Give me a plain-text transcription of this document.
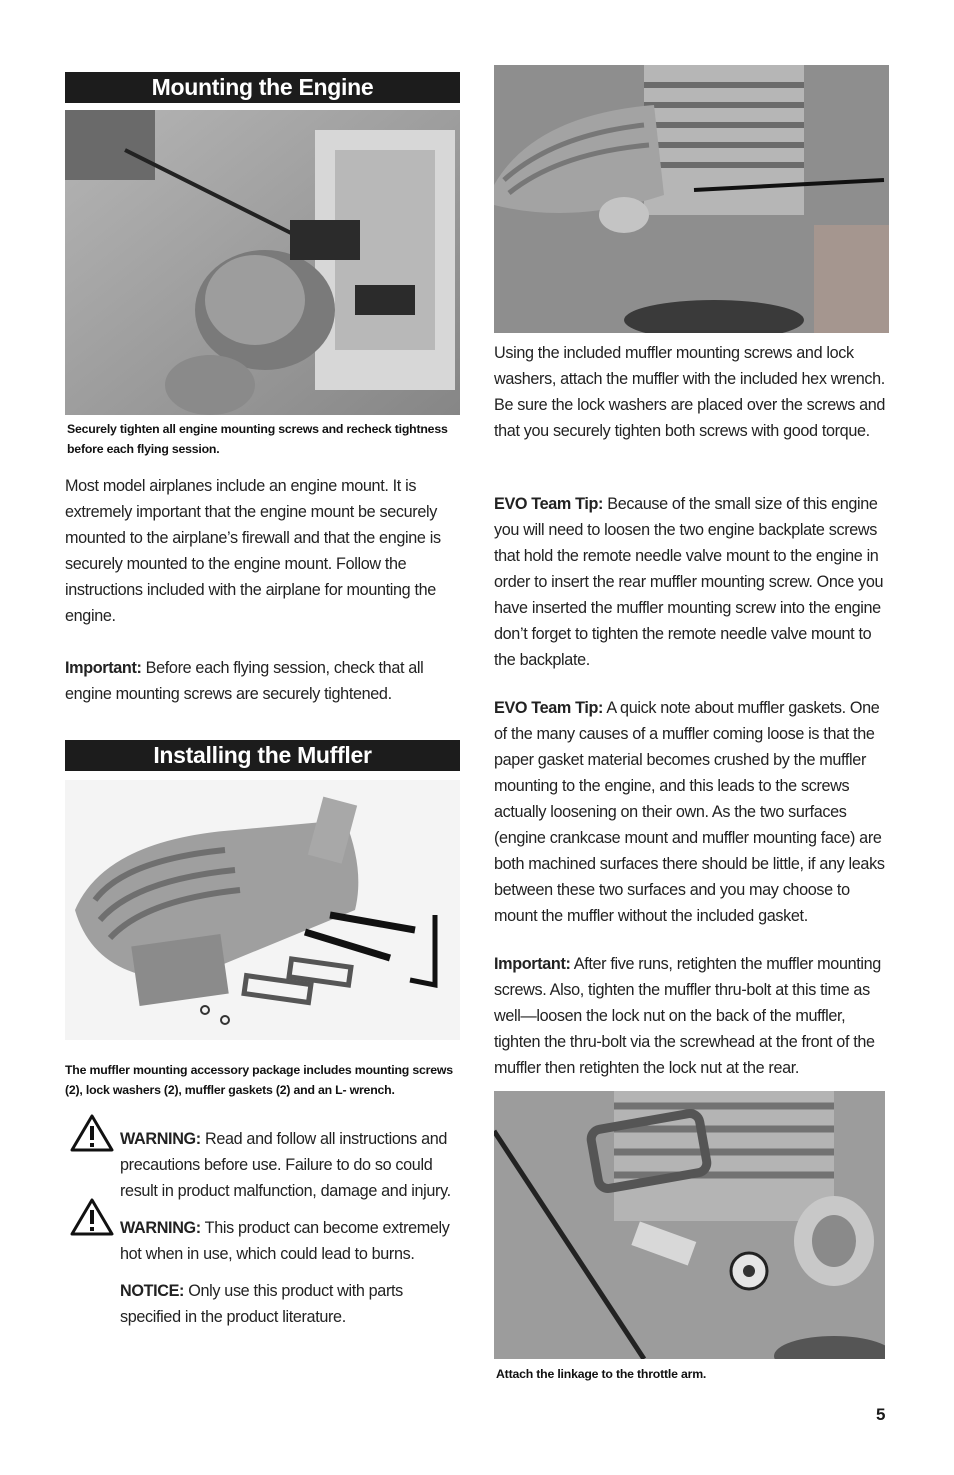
Mounting the Engine
Securely tighten all engine mounting screws and recheck tightness before each flying session.
Most model airplanes include an engine mount. It is extremely important that the engine mount be securely mounted to the airplane’s firewall and that the engine is securely mounted to the engine mount. Follow the instructions included with the airplane for mounting the engine.
Important: Before each flying session, check that all engine mounting screws are securely tightened.
Installing the Muffler
The muffler mounting accessory package includes mounting screws (2), lock washers (2), muffler gaskets (2) and an L- wrench.
WARNING: Read and follow all instructions and precautions before use. Failure to do so could result in product malfunction, damage and injury.
WARNING: This product can become extremely hot when in use, which could lead to burns.
NOTICE: Only use this product with parts specified in the product literature.
Using the included muffler mounting screws and lock washers, attach the muffler with the included hex wrench. Be sure the lock washers are placed over the screws and that you securely tighten both screws with good torque.
EVO Team Tip: Because of the small size of this engine you will need to loosen the two engine backplate screws that hold the remote needle valve mount to the engine in order to insert the rear muffler mounting screw. Once you have inserted the muffler mounting screw into the engine don’t forget to tighten the remote needle valve mount to the backplate.
EVO Team Tip: A quick note about muffler gaskets. One of the many causes of a muffler coming loose is that the paper gasket material becomes crushed by the muffler mounting to the engine, and this leads to the screws actually loosening on their own. As the two surfaces (engine crankcase mount and muffler mounting face) are both machined surfaces there should be little, if any leaks between these two surfaces and you may choose to mount the muffler without the included gasket.
Important: After five runs, retighten the muffler mounting screws. Also, tighten the muffler thru-bolt at this time as well—loosen the lock nut on the back of the muffler, tighten the thru-bolt via the screwhead at the front of the muffler then retighten the lock nut at the rear.
Attach the linkage to the throttle arm.
5
